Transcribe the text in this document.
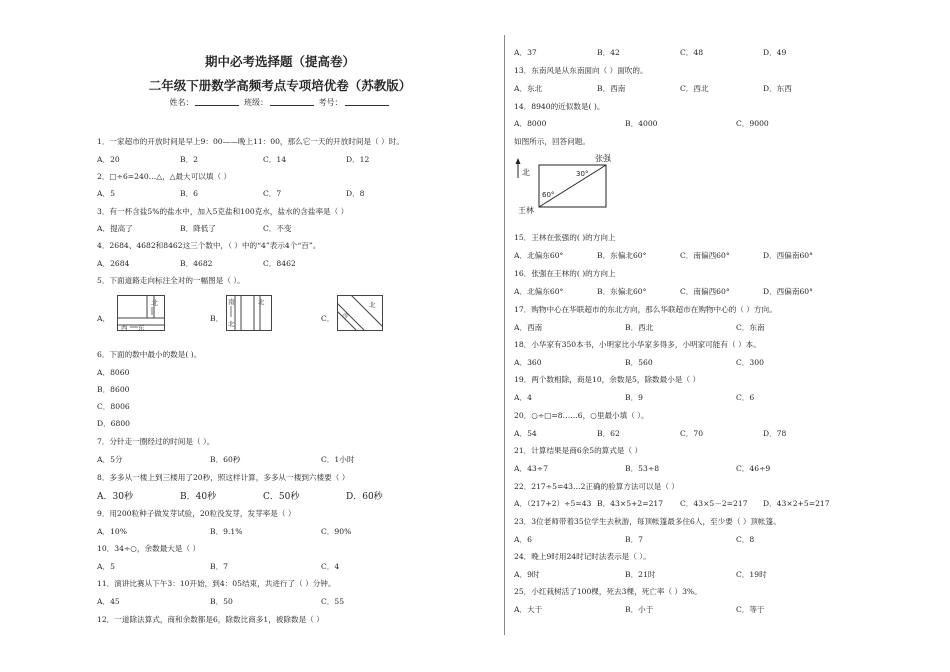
期中必考选择题（提高卷）
二年级下册数学高频考点专项培优卷（苏教版）
姓名：	班级：	考号：
1．一家超市的开放时间是早上9：00——晚上11：00，那么它一天的开放时间是（ ）时。
A．20	B．2	C．14	D．12
2．□÷6=240…△，△最大可以填（ ）
A．5	B．6	C．7	D．8
3．有一杯含盐5%的盐水中，加入5克盐和100克水，盐水的含盐率是（ ）
A．提高了	B．降低了	C．不变
4．2684、4682和8462这三个数中，（ ）中的“4”表示4个“百”。
A．2684	B．4682	C．8462
5．下面道路走向标注全对的一幅图是（ ）。
A．	B．	C．
北
西 东
南
北
北	北
西
6．下面的数中最小的数是( )。
A．8060
B．8600
C．8006
D．6800
7．分针走一圈经过的时间是（ ）。
A．5分	B．60秒	C．1小时
8．多多从一楼上到三楼用了20秒，照这样计算，多多从一楼到六楼要（ ）
A．30秒	B．40秒	C．50秒	D．60秒
9．用200粒种子做发芽试验，20粒没发芽，发芽率是（ ）
A．10%	B．9.1%	C．90%
10．34÷○，余数最大是（ ）
A．5	B．7	C．4
11．演讲比赛从下午3：10开始，到4：05结束，共进行了（ ）分钟。
A．45	B．50	C．55
12．一道除法算式，商和余数都是6，除数比商多1，被除数是（ ）
A．37	B．42	C．48	D．49
13．东南风是从东南面向（ ）面吹的。
A．东北	B．西南	C．西北	D．东西
14．8940的近似数是( )。
A．8000	B．4000	C．9000
如图所示，回答问题。
北
张强
王林
60°
30°
15．王林在张强的( )的方向上
A．北偏东60°	B．东偏北60°	C．南偏西60°	D．西偏南60°
16．张强在王林的( )的方向上
A．北偏东60°	B．东偏北60°	C．南偏西60°	D．西偏南60°
17．购物中心在华联超市的东北方向，那么华联超市在购物中心的（ ）方向。
A．西南	B．西北	C．东南
18．小华家有350本书，小明家比小华家多得多，小明家可能有（ ）本。
A．360	B．560	C．300
19．两个数相除，商是10，余数是5，除数最小是（ ）
A．4	B．9	C．6
20．○÷□=8……6，○里最小填（ ）。
A．54	B．62	C．70	D．78
21．计算结果是商6余5的算式是（ ）
A．43÷7	B．53÷8	C．46÷9
22．217÷5=43…2正确的验算方法可以是（ ）
A．（217+2）÷5=43 B．43×5+2=217 C．43×5－2=217 D．43×2+5=217
23．3位老师带着35位学生去秋游，每顶帐篷最多住6人，至少要（ ）顶帐篷。
A．6	B．7	C．8
24．晚上9时用24时记时法表示是（ ）。
A．9时	B．21时	C．19时
25．小红栽树活了100棵，死去3棵，死亡率（ ）3%。
A．大于	B．小于	C．等于
